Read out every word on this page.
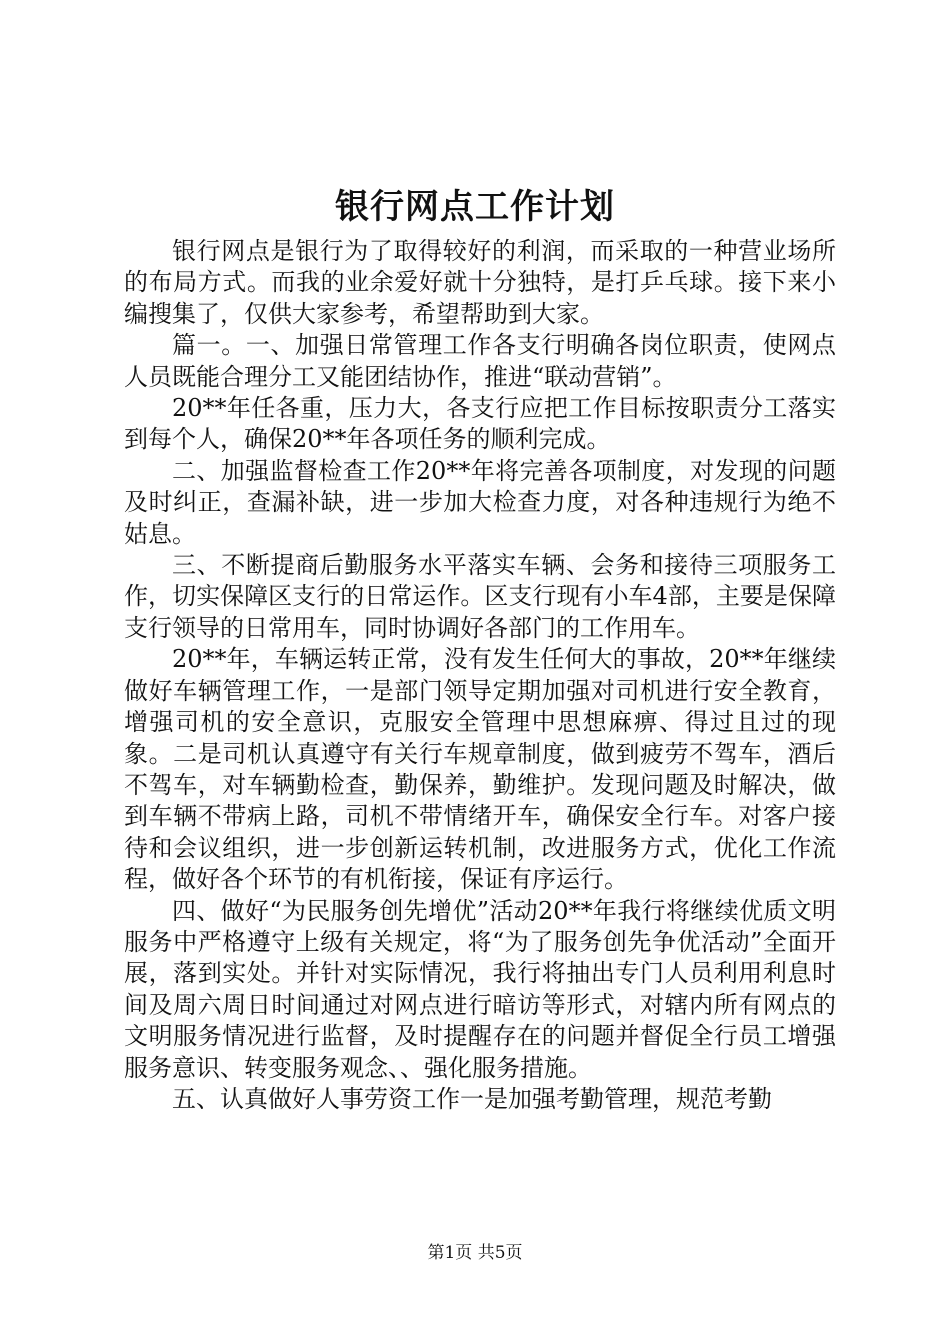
银行网点工作计划

银行网点是银行为了取得较好的利润，而采取的一种营业场所的布局方式。而我的业余爱好就十分独特，是打乒乓球。接下来小编搜集了，仅供大家参考，希望帮助到大家。

篇一。一、加强日常管理工作各支行明确各岗位职责，使网点人员既能合理分工又能团结协作，推进“联动营销”。

20**年任各重，压力大，各支行应把工作目标按职责分工落实到每个人，确保20**年各项任务的顺利完成。

二、加强监督检查工作20**年将完善各项制度，对发现的问题及时纠正，查漏补缺，进一步加大检查力度，对各种违规行为绝不姑息。

三、不断提商后勤服务水平落实车辆、会务和接待三项服务工作，切实保障区支行的日常运作。区支行现有小车4部，主要是保障支行领导的日常用车，同时协调好各部门的工作用车。

20**年，车辆运转正常，没有发生任何大的事故，20**年继续做好车辆管理工作，一是部门领导定期加强对司机进行安全教育，增强司机的安全意识，克服安全管理中思想麻痹、得过且过的现象。二是司机认真遵守有关行车规章制度，做到疲劳不驾车，酒后不驾车，对车辆勤检查，勤保养，勤维护。发现问题及时解决，做到车辆不带病上路，司机不带情绪开车，确保安全行车。对客户接待和会议组织，进一步创新运转机制，改进服务方式，优化工作流程，做好各个环节的有机衔接，保证有序运行。

四、做好“为民服务创先增优”活动20**年我行将继续优质文明服务中严格遵守上级有关规定，将“为了服务创先争优活动”全面开展，落到实处。并针对实际情况，我行将抽出专门人员利用利息时间及周六周日时间通过对网点进行暗访等形式，对辖内所有网点的文明服务情况进行监督，及时提醒存在的问题并督促全行员工增强服务意识、转变服务观念、、强化服务措施。

五、认真做好人事劳资工作一是加强考勤管理，规范考勤

第1页 共5页
